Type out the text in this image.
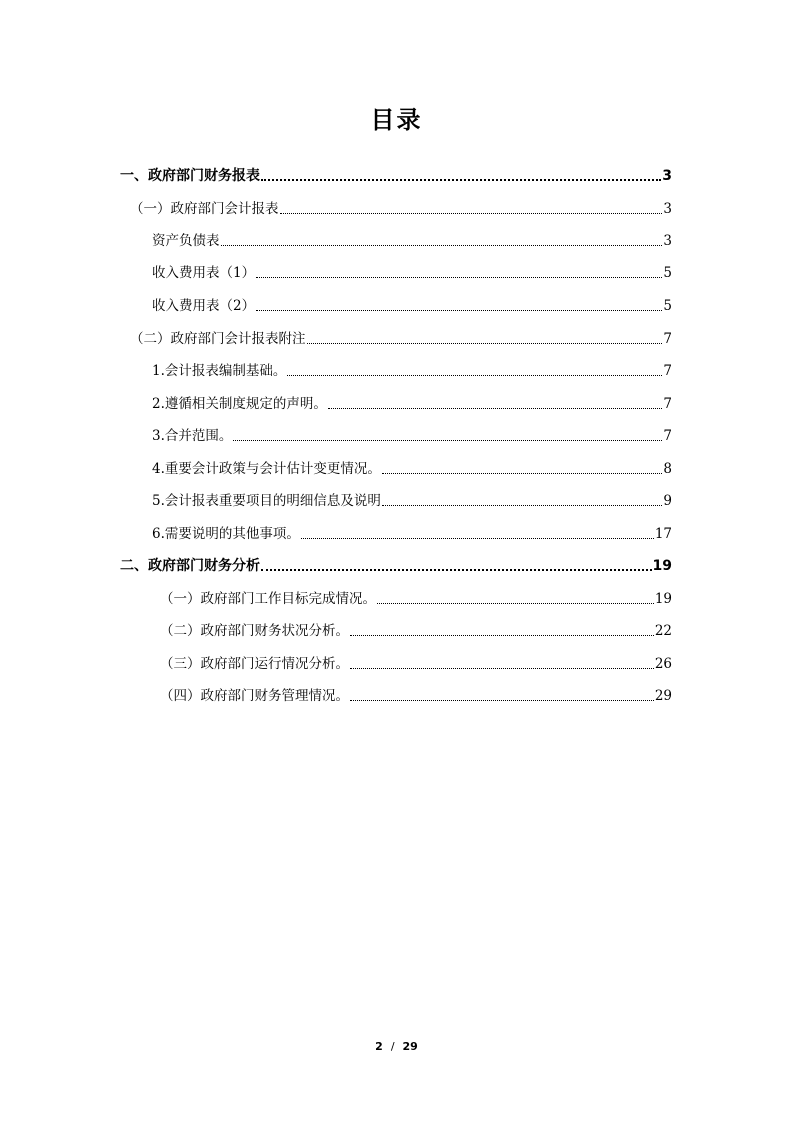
目录
一、政府部门财务报表	3
（一）政府部门会计报表	3
资产负债表	3
收入费用表（1）	5
收入费用表（2）	5
（二）政府部门会计报表附注	7
1.会计报表编制基础。	7
2.遵循相关制度规定的声明。	7
3.合并范围。	7
4.重要会计政策与会计估计变更情况。	8
5.会计报表重要项目的明细信息及说明	9
6.需要说明的其他事项。	17
二、政府部门财务分析	19
（一）政府部门工作目标完成情况。	19
（二）政府部门财务状况分析。	22
（三）政府部门运行情况分析。	26
（四）政府部门财务管理情况。	29
2 / 29
